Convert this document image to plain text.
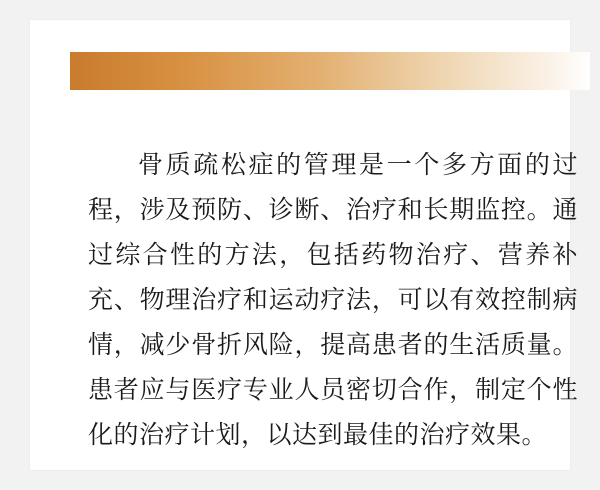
骨质疏松症的管理是一个多方面的过程，涉及预防、诊断、治疗和长期监控。通过综合性的方法，包括药物治疗、营养补充、物理治疗和运动疗法，可以有效控制病情，减少骨折风险，提高患者的生活质量。患者应与医疗专业人员密切合作，制定个性化的治疗计划，以达到最佳的治疗效果。
